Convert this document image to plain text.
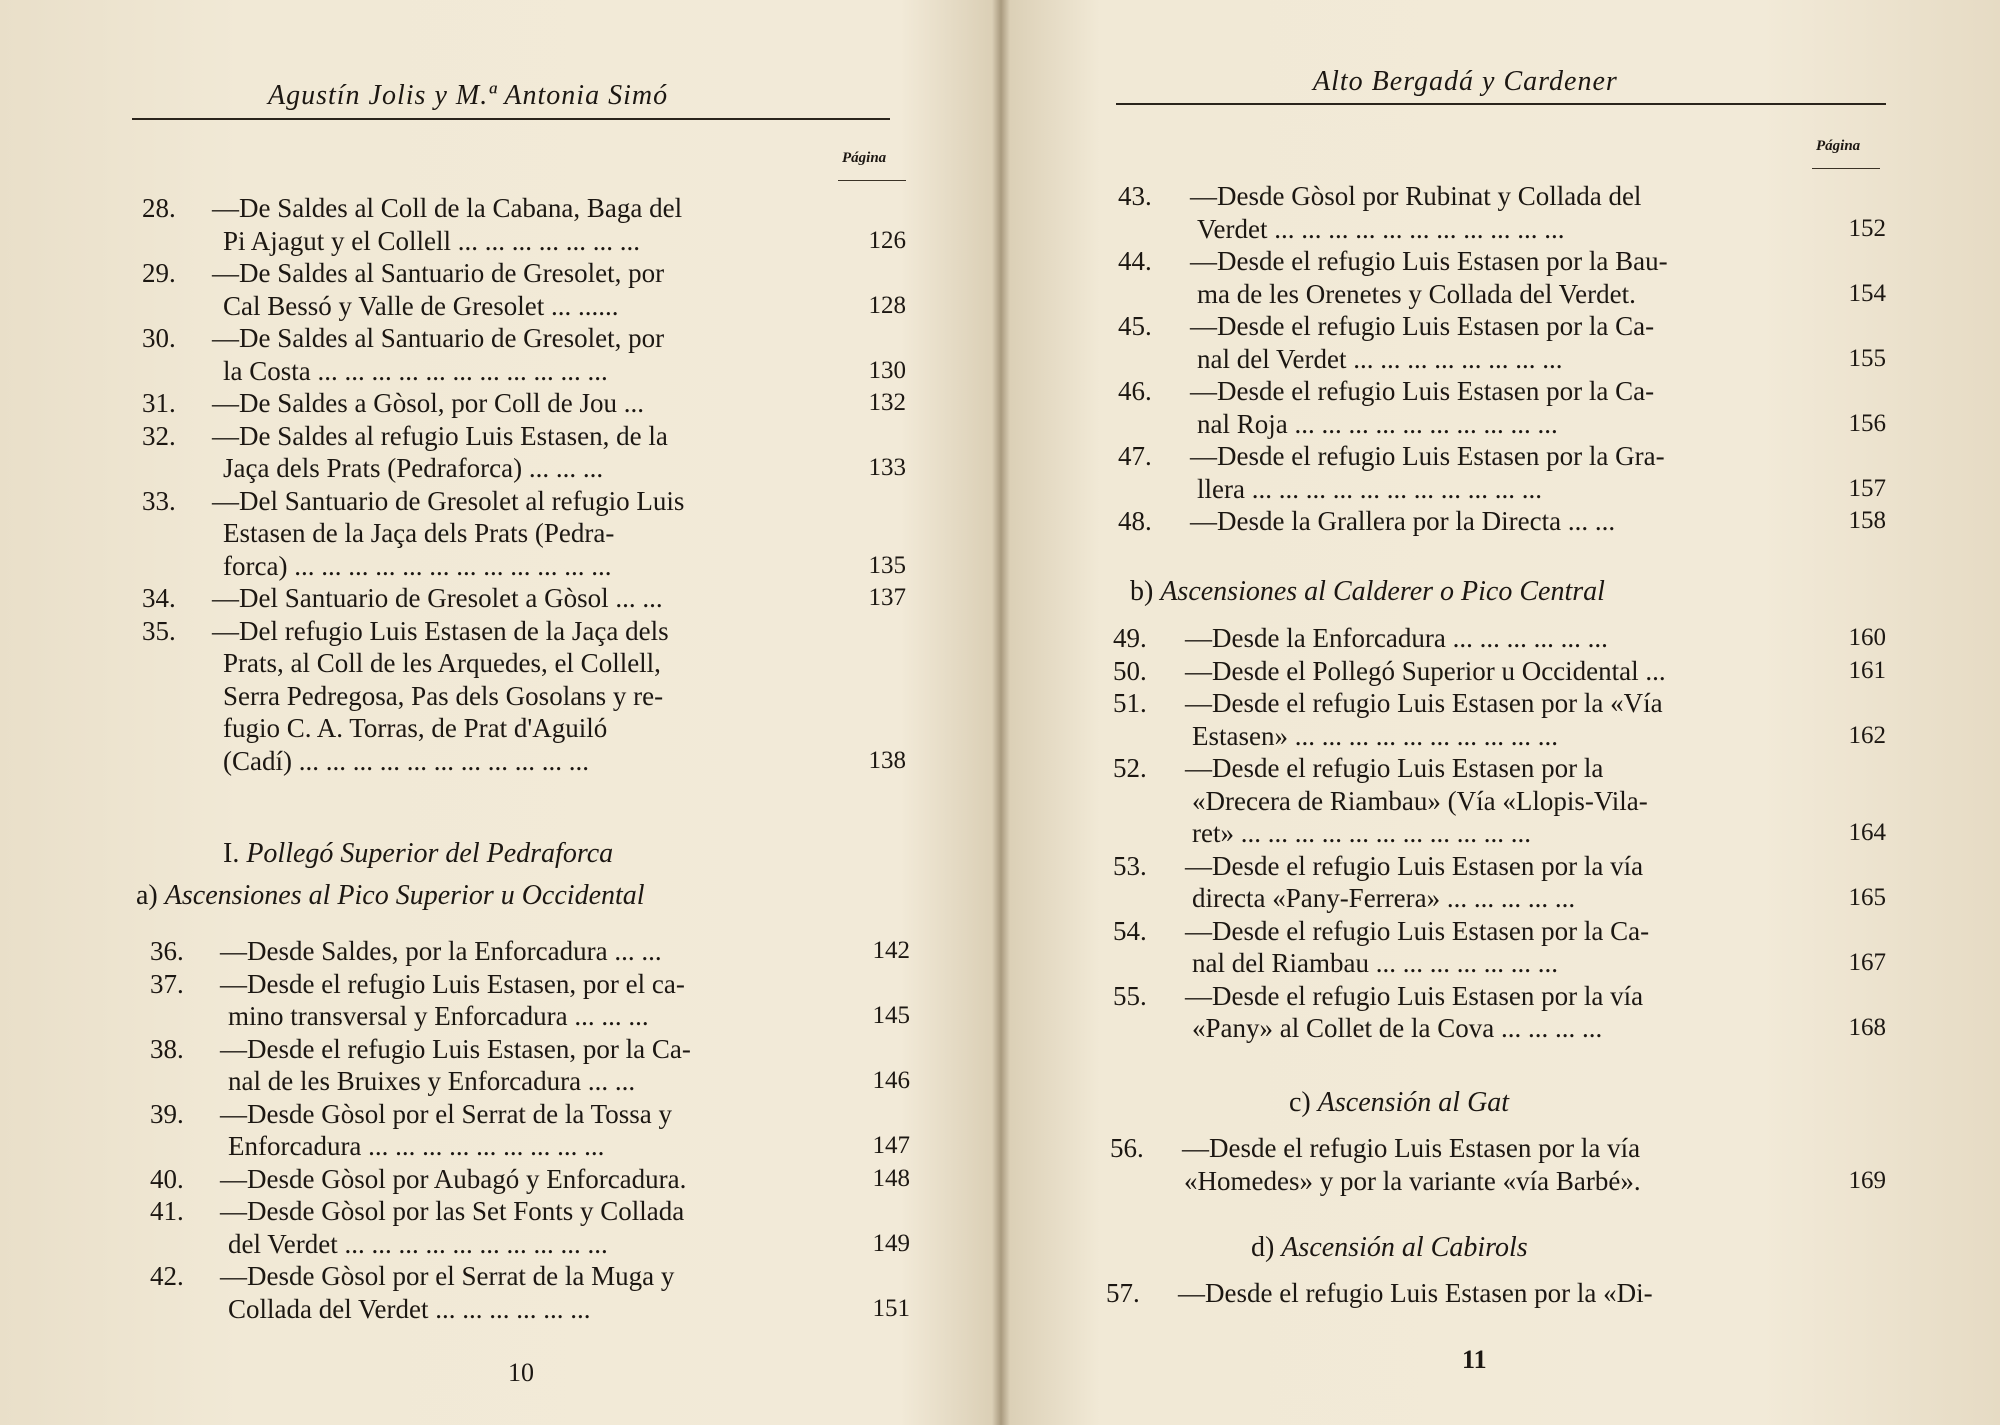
Agustín Jolis y M.ª Antonia Simó
Página
28. —De Saldes al Coll de la Cabana, Baga del
Pi Ajagut y el Collell ... ... ... ... ... ... ...	126
29. —De Saldes al Santuario de Gresolet, por
Cal Bessó y Valle de Gresolet ... ......	128
30. —De Saldes al Santuario de Gresolet, por
la Costa ... ... ... ... ... ... ... ... ... ... ...	130
31. —De Saldes a Gòsol, por Coll de Jou ...	132
32. —De Saldes al refugio Luis Estasen, de la
Jaça dels Prats (Pedraforca) ... ... ...	133
33. —Del Santuario de Gresolet al refugio Luis
Estasen de la Jaça dels Prats (Pedra-
forca) ... ... ... ... ... ... ... ... ... ... ... ...	135
34. —Del Santuario de Gresolet a Gòsol ... ...	137
35. —Del refugio Luis Estasen de la Jaça dels
Prats, al Coll de les Arquedes, el Collell,
Serra Pedregosa, Pas dels Gosolans y re-
fugio C. A. Torras, de Prat d'Aguiló
(Cadí) ... ... ... ... ... ... ... ... ... ... ...	138
I. Pollegó Superior del Pedraforca
a) Ascensiones al Pico Superior u Occidental
36. —Desde Saldes, por la Enforcadura ... ...	142
37. —Desde el refugio Luis Estasen, por el ca-
mino transversal y Enforcadura ... ... ...	145
38. —Desde el refugio Luis Estasen, por la Ca-
nal de les Bruixes y Enforcadura ... ...	146
39. —Desde Gòsol por el Serrat de la Tossa y
Enforcadura ... ... ... ... ... ... ... ... ...	147
40. —Desde Gòsol por Aubagó y Enforcadura.	148
41. —Desde Gòsol por las Set Fonts y Collada
del Verdet ... ... ... ... ... ... ... ... ... ...	149
42. —Desde Gòsol por el Serrat de la Muga y
Collada del Verdet ... ... ... ... ... ...	151
10
Alto Bergadá y Cardener
Página
43. —Desde Gòsol por Rubinat y Collada del
Verdet ... ... ... ... ... ... ... ... ... ... ...	152
44. —Desde el refugio Luis Estasen por la Bau-
ma de les Orenetes y Collada del Verdet.	154
45. —Desde el refugio Luis Estasen por la Ca-
nal del Verdet ... ... ... ... ... ... ... ...	155
46. —Desde el refugio Luis Estasen por la Ca-
nal Roja ... ... ... ... ... ... ... ... ... ...	156
47. —Desde el refugio Luis Estasen por la Gra-
llera ... ... ... ... ... ... ... ... ... ... ...	157
48. —Desde la Grallera por la Directa ... ...	158
b) Ascensiones al Calderer o Pico Central
49. —Desde la Enforcadura ... ... ... ... ... ...	160
50. —Desde el Pollegó Superior u Occidental ...	161
51. —Desde el refugio Luis Estasen por la «Vía
Estasen» ... ... ... ... ... ... ... ... ... ...	162
52. —Desde el refugio Luis Estasen por la
«Drecera de Riambau» (Vía «Llopis-Vila-
ret» ... ... ... ... ... ... ... ... ... ... ...	164
53. —Desde el refugio Luis Estasen por la vía
directa «Pany-Ferrera» ... ... ... ... ...	165
54. —Desde el refugio Luis Estasen por la Ca-
nal del Riambau ... ... ... ... ... ... ...	167
55. —Desde el refugio Luis Estasen por la vía
«Pany» al Collet de la Cova ... ... ... ...	168
c) Ascensión al Gat
56. —Desde el refugio Luis Estasen por la vía
«Homedes» y por la variante «vía Barbé».	169
d) Ascensión al Cabirols
57. —Desde el refugio Luis Estasen por la «Di-
11
